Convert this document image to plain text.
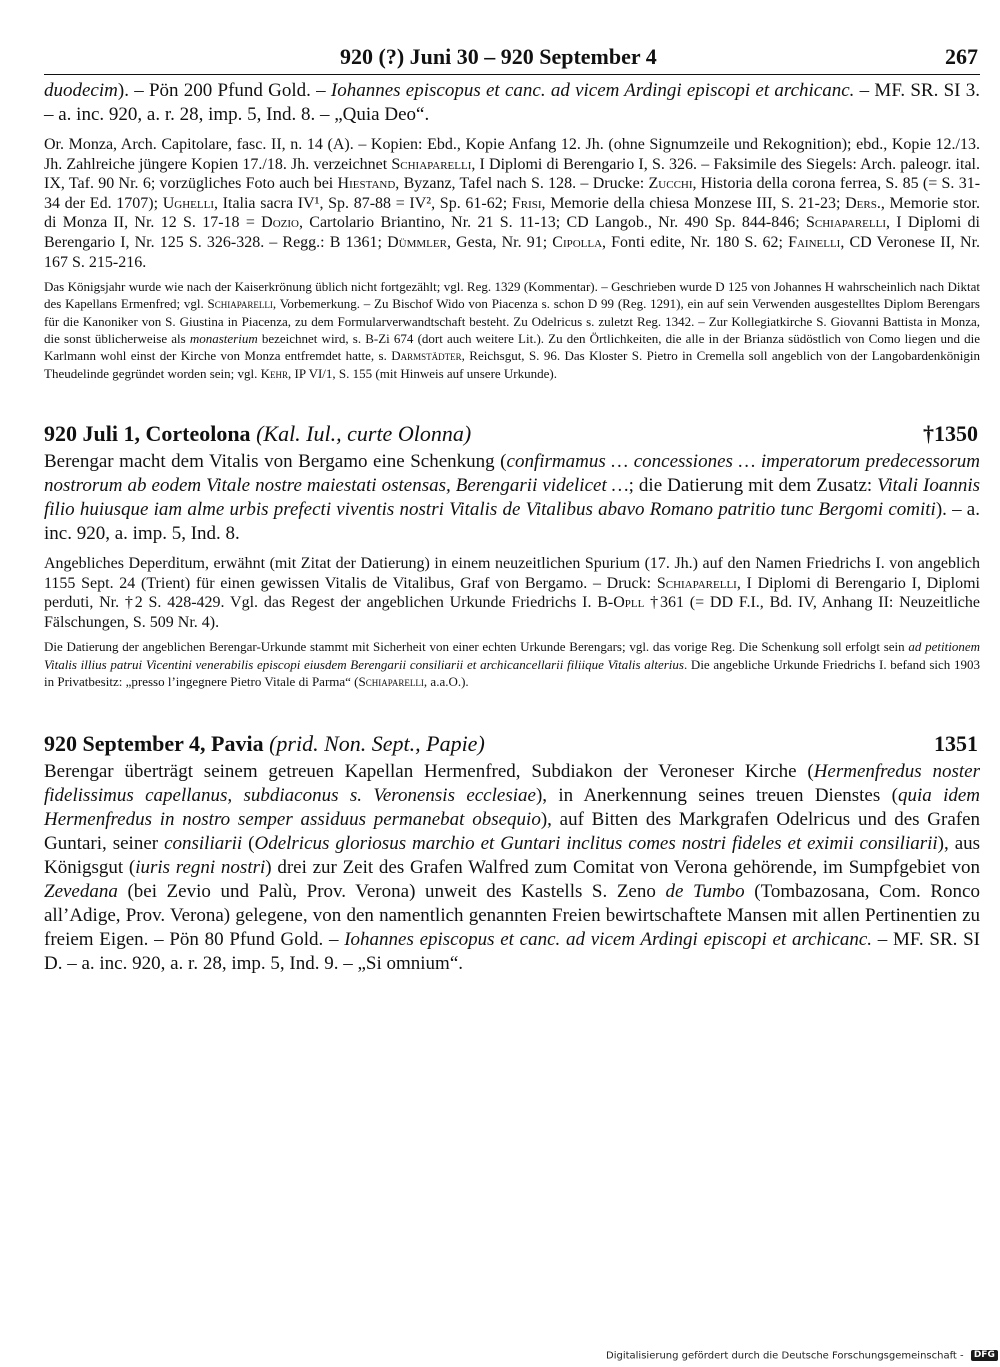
920 (?) Juni 30 – 920 September 4	267

duodecim). – Pön 200 Pfund Gold. – Iohannes episcopus et canc. ad vicem Ardingi episcopi et archicanc. – MF. SR. SI 3. – a. inc. 920, a. r. 28, imp. 5, Ind. 8. – „Quia Deo“.

Or. Monza, Arch. Capitolare, fasc. II, n. 14 (A). – Kopien: Ebd., Kopie Anfang 12. Jh. (ohne Signumzeile und Rekognition); ebd., Kopie 12./13. Jh. Zahlreiche jüngere Kopien 17./18. Jh. verzeichnet Schiaparelli, I Diplomi di Berengario I, S. 326. – Faksimile des Siegels: Arch. paleogr. ital. IX, Taf. 90 Nr. 6; vorzügliches Foto auch bei Hiestand, Byzanz, Tafel nach S. 128. – Drucke: Zucchi, Historia della corona ferrea, S. 85 (= S. 31-34 der Ed. 1707); Ughelli, Italia sacra IV¹, Sp. 87-88 = IV², Sp. 61-62; Frisi, Memorie della chiesa Monzese III, S. 21-23; Ders., Memorie stor. di Monza II, Nr. 12 S. 17-18 = Dozio, Cartolario Briantino, Nr. 21 S. 11-13; CD Langob., Nr. 490 Sp. 844-846; Schiaparelli, I Diplomi di Berengario I, Nr. 125 S. 326-328. – Regg.: B 1361; Dümmler, Gesta, Nr. 91; Cipolla, Fonti edite, Nr. 180 S. 62; Fainelli, CD Veronese II, Nr. 167 S. 215-216.

Das Königsjahr wurde wie nach der Kaiserkrönung üblich nicht fortgezählt; vgl. Reg. 1329 (Kommentar). – Geschrieben wurde D 125 von Johannes H wahrscheinlich nach Diktat des Kapellans Ermenfred; vgl. Schiaparelli, Vorbemerkung. – Zu Bischof Wido von Piacenza s. schon D 99 (Reg. 1291), ein auf sein Verwenden ausgestelltes Diplom Berengars für die Kanoniker von S. Giustina in Piacenza, zu dem Formularverwandtschaft besteht. Zu Odelricus s. zuletzt Reg. 1342. – Zur Kollegiatkirche S. Giovanni Battista in Monza, die sonst üblicherweise als monasterium bezeichnet wird, s. B-Zi 674 (dort auch weitere Lit.). Zu den Örtlichkeiten, die alle in der Brianza südöstlich von Como liegen und die Karlmann wohl einst der Kirche von Monza entfremdet hatte, s. Darmstädter, Reichsgut, S. 96. Das Kloster S. Pietro in Cremella soll angeblich von der Langobardenkönigin Theudelinde gegründet worden sein; vgl. Kehr, IP VI/1, S. 155 (mit Hinweis auf unsere Urkunde).

920 Juli 1, Corteolona (Kal. Iul., curte Olonna)	†1350

Berengar macht dem Vitalis von Bergamo eine Schenkung (confirmamus … concessiones … imperatorum predecessorum nostrorum ab eodem Vitale nostre maiestati ostensas, Berengarii videlicet …; die Datierung mit dem Zusatz: Vitali Ioannis filio huiusque iam alme urbis prefecti viventis nostri Vitalis de Vitalibus abavo Romano patritio tunc Bergomi comiti). – a. inc. 920, a. imp. 5, Ind. 8.

Angebliches Deperditum, erwähnt (mit Zitat der Datierung) in einem neuzeitlichen Spurium (17. Jh.) auf den Namen Friedrichs I. von angeblich 1155 Sept. 24 (Trient) für einen gewissen Vitalis de Vitalibus, Graf von Bergamo. – Druck: Schiaparelli, I Diplomi di Berengario I, Diplomi perduti, Nr. †2 S. 428-429. Vgl. das Regest der angeblichen Urkunde Friedrichs I. B-Opll †361 (= DD F.I., Bd. IV, Anhang II: Neuzeitliche Fälschungen, S. 509 Nr. 4).

Die Datierung der angeblichen Berengar-Urkunde stammt mit Sicherheit von einer echten Urkunde Berengars; vgl. das vorige Reg. Die Schenkung soll erfolgt sein ad petitionem Vitalis illius patrui Vicentini venerabilis episcopi eiusdem Berengarii consiliarii et archicancellarii filiique Vitalis alterius. Die angebliche Urkunde Friedrichs I. befand sich 1903 in Privatbesitz: „presso l’ingegnere Pietro Vitale di Parma“ (Schiaparelli, a.a.O.).

920 September 4, Pavia (prid. Non. Sept., Papie)	1351

Berengar überträgt seinem getreuen Kapellan Hermenfred, Subdiakon der Veroneser Kirche (Hermenfredus noster fidelissimus capellanus, subdiaconus s. Veronensis ecclesiae), in Anerkennung seines treuen Dienstes (quia idem Hermenfredus in nostro semper assiduus permanebat obsequio), auf Bitten des Markgrafen Odelricus und des Grafen Guntari, seiner consiliarii (Odelricus gloriosus marchio et Guntari inclitus comes nostri fideles et eximii consiliarii), aus Königsgut (iuris regni nostri) drei zur Zeit des Grafen Walfred zum Comitat von Verona gehörende, im Sumpfgebiet von Zevedana (bei Zevio und Palù, Prov. Verona) unweit des Kastells S. Zeno de Tumbo (Tombazosana, Com. Ronco all’Adige, Prov. Verona) gelegene, von den namentlich genannten Freien bewirtschaftete Mansen mit allen Pertinentien zu freiem Eigen. – Pön 80 Pfund Gold. – Iohannes episcopus et canc. ad vicem Ardingi episcopi et archicanc. – MF. SR. SI D. – a. inc. 920, a. r. 28, imp. 5, Ind. 9. – „Si omnium“.

Digitalisierung gefördert durch die Deutsche Forschungsgemeinschaft - DFG
